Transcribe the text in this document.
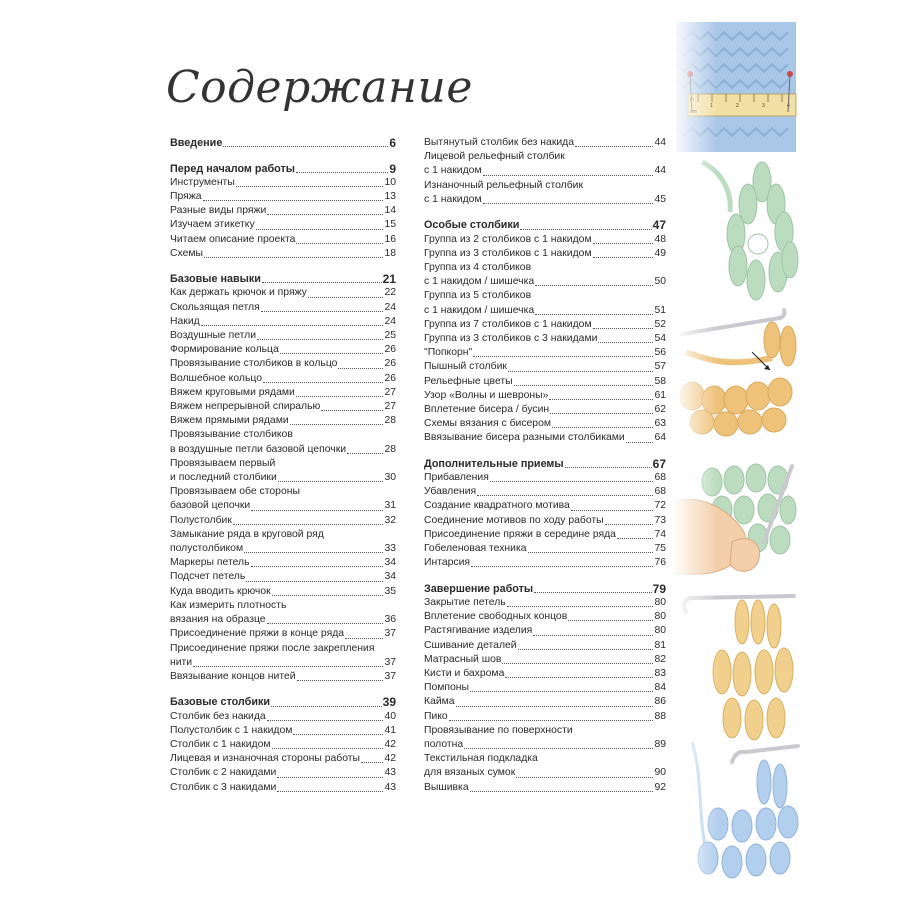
Содержание
Введение	6
Перед началом работы	9
Инструменты	10
Пряжа	13
Разные виды пряжи	14
Изучаем этикетку	15
Читаем описание проекта	16
Схемы	18
Базовые навыки	21
Как держать крючок и пряжу	22
Скользящая петля	24
Накид	24
Воздушные петли	25
Формирование кольца	26
Провязывание столбиков в кольцо	26
Волшебное кольцо	26
Вяжем круговыми рядами	27
Вяжем непрерывной спиралью	27
Вяжем прямыми рядами	28
Провязывание столбиков
в воздушные петли базовой цепочки	28
Провязываем первый
и последний столбики	30
Провязываем обе стороны
базовой цепочки	31
Полустолбик	32
Замыкание ряда в круговой ряд
полустолбиком	33
Маркеры петель	34
Подсчет петель	34
Куда вводить крючок	35
Как измерить плотность
вязания на образце	36
Присоединение пряжи в конце ряда	37
Присоединение пряжи после закрепления
нити	37
Ввязывание концов нитей	37
Базовые столбики	39
Столбик без накида	40
Полустолбик с 1 накидом	41
Столбик с 1 накидом	42
Лицевая и изнаночная стороны работы 42
Столбик с 2 накидами	43
Столбик с 3 накидами	43
Вытянутый столбик без накида	44
Лицевой рельефный столбик
с 1 накидом	44
Изнаночный рельефный столбик
с 1 накидом	45
Особые столбики	47
Группа из 2 столбиков с 1 накидом	48
Группа из 3 столбиков с 1 накидом	49
Группа из 4 столбиков
с 1 накидом / шишечка	50
Группа из 5 столбиков
с 1 накидом / шишечка	51
Группа из 7 столбиков с 1 накидом	52
Группа из 3 столбиков с 3 накидами	54
"Попкорн"	56
Пышный столбик	57
Рельефные цветы	58
Узор «Волны и шевроны»	61
Вплетение бисера / бусин	62
Схемы вязания с бисером	63
Ввязывание бисера разными столбиками	64
Дополнительные приемы	67
Прибавления	68
Убавления	68
Создание квадратного мотива	72
Соединение мотивов по ходу работы	73
Присоединение пряжи в середине ряда	74
Гобеленовая техника	75
Интарсия	76
Завершение работы	79
Закрытие петель	80
Вплетение свободных концов	80
Растягивание изделия	80
Сшивание деталей	81
Матрасный шов	82
Кисти и бахрома	83
Помпоны	84
Кайма	86
Пико	88
Провязывание по поверхности
полотна	89
Текстильная подкладка
для вязаных сумок	90
Вышивка	92
